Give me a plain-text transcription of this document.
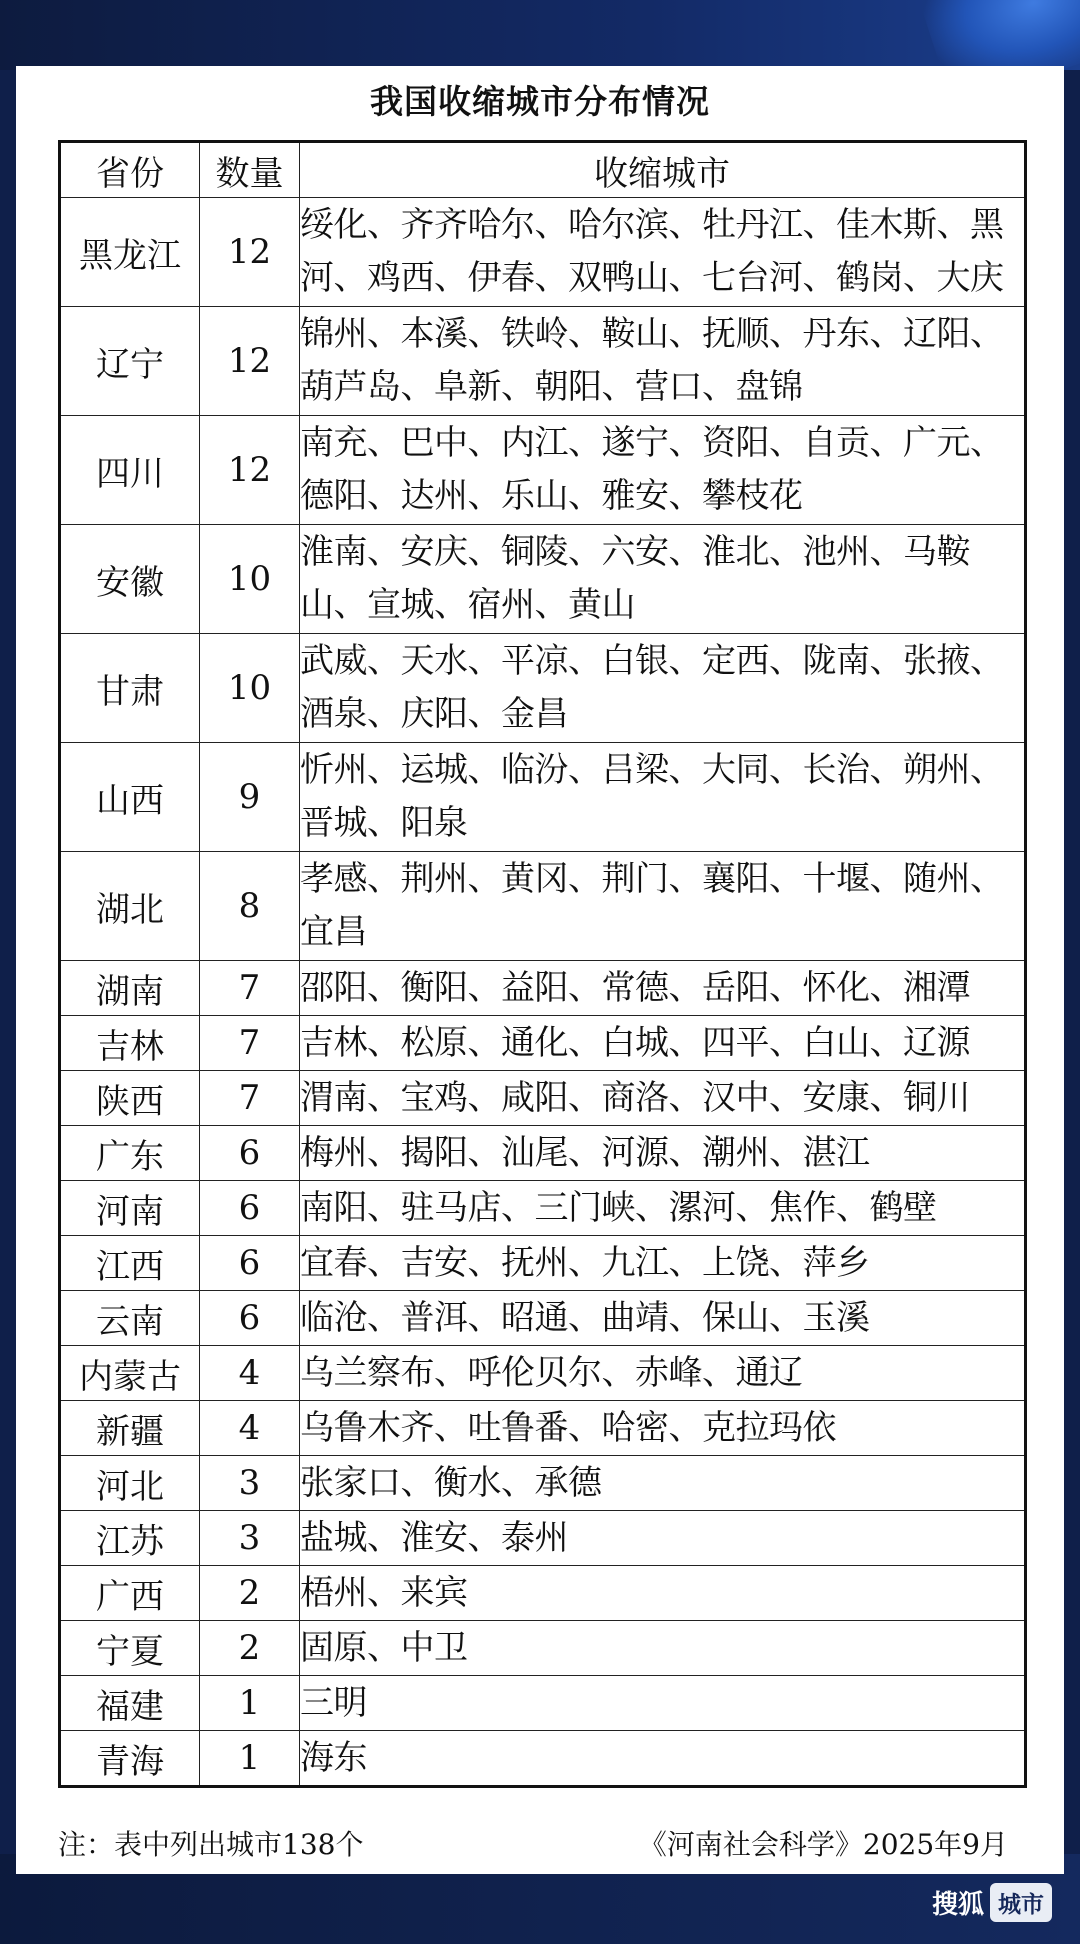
我国收缩城市分布情况
省份	数量	收缩城市
黑龙江	12	绥化、齐齐哈尔、哈尔滨、牡丹江、佳木斯、黑河、鸡西、伊春、双鸭山、七台河、鹤岗、大庆
辽宁	12	锦州、本溪、铁岭、鞍山、抚顺、丹东、辽阳、葫芦岛、阜新、朝阳、营口、盘锦
四川	12	南充、巴中、内江、遂宁、资阳、自贡、广元、德阳、达州、乐山、雅安、攀枝花
安徽	10	淮南、安庆、铜陵、六安、淮北、池州、马鞍山、宣城、宿州、黄山
甘肃	10	武威、天水、平凉、白银、定西、陇南、张掖、酒泉、庆阳、金昌
山西	9	忻州、运城、临汾、吕梁、大同、长治、朔州、晋城、阳泉
湖北	8	孝感、荆州、黄冈、荆门、襄阳、十堰、随州、宜昌
湖南	7	邵阳、衡阳、益阳、常德、岳阳、怀化、湘潭
吉林	7	吉林、松原、通化、白城、四平、白山、辽源
陕西	7	渭南、宝鸡、咸阳、商洛、汉中、安康、铜川
广东	6	梅州、揭阳、汕尾、河源、潮州、湛江
河南	6	南阳、驻马店、三门峡、漯河、焦作、鹤壁
江西	6	宜春、吉安、抚州、九江、上饶、萍乡
云南	6	临沧、普洱、昭通、曲靖、保山、玉溪
内蒙古	4	乌兰察布、呼伦贝尔、赤峰、通辽
新疆	4	乌鲁木齐、吐鲁番、哈密、克拉玛依
河北	3	张家口、衡水、承德
江苏	3	盐城、淮安、泰州
广西	2	梧州、来宾
宁夏	2	固原、中卫
福建	1	三明
青海	1	海东
注：表中列出城市138个	《河南社会科学》2025年9月
搜狐 城市
